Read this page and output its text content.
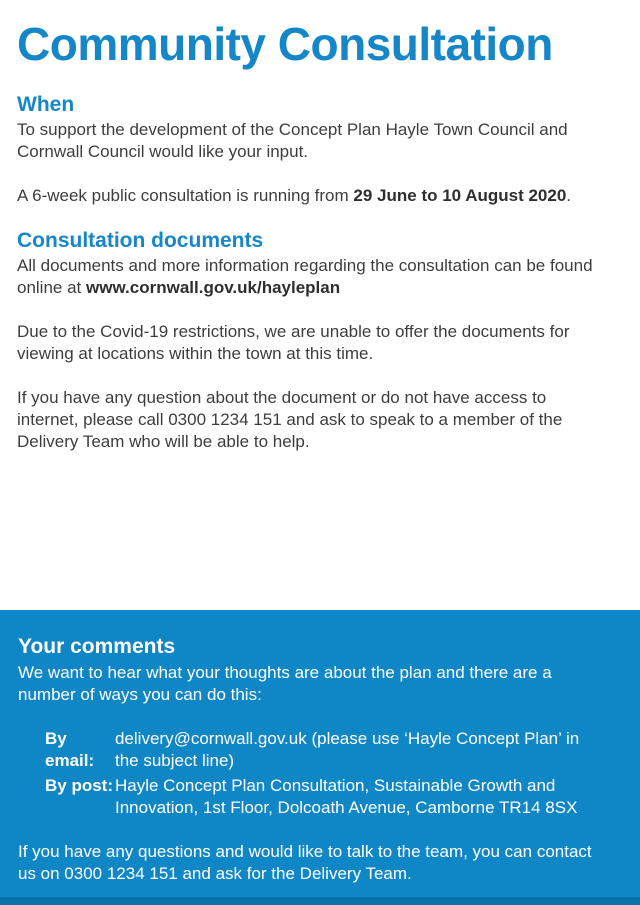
Community Consultation
When

To support the development of the Concept Plan Hayle Town Council and Cornwall Council would like your input.

A 6-week public consultation is running from 29 June to 10 August 2020.

Consultation documents

All documents and more information regarding the consultation can be found online at www.cornwall.gov.uk/hayleplan

Due to the Covid-19 restrictions, we are unable to offer the documents for viewing at locations within the town at this time.

If you have any question about the document or do not have access to internet, please call 0300 1234 151 and ask to speak to a member of the Delivery Team who will be able to help.

Your comments

We want to hear what your thoughts are about the plan and there are a number of ways you can do this:

By email:
delivery@cornwall.gov.uk (please use ‘Hayle Concept Plan’ in the subject line)
By post: Hayle Concept Plan Consultation, Sustainable Growth and Innovation, 1st Floor, Dolcoath Avenue, Camborne TR14 8SX

If you have any questions and would like to talk to the team, you can contact us on 0300 1234 151 and ask for the Delivery Team.
